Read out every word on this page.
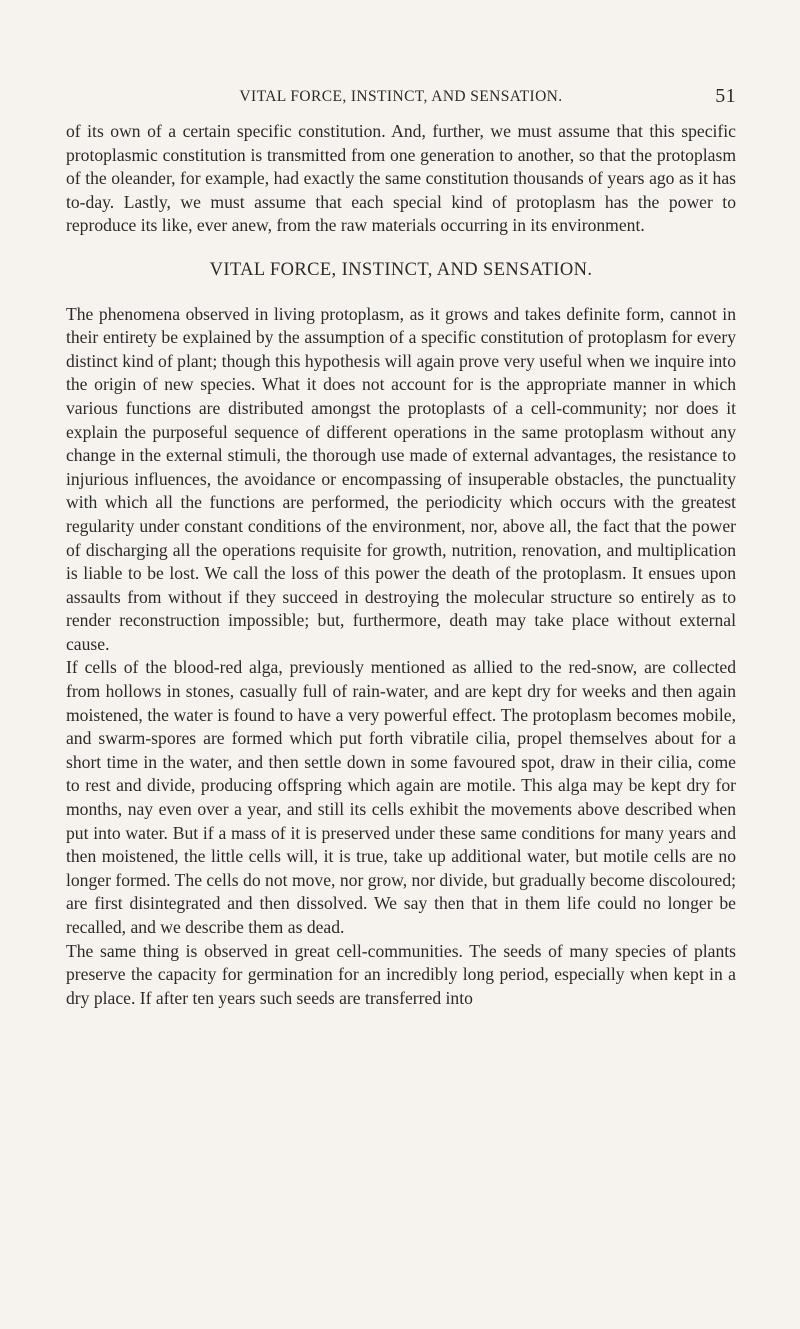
VITAL FORCE, INSTINCT, AND SENSATION.	51

of its own of a certain specific constitution. And, further, we must assume that this specific protoplasmic constitution is transmitted from one generation to another, so that the protoplasm of the oleander, for example, had exactly the same constitution thousands of years ago as it has to-day. Lastly, we must assume that each special kind of protoplasm has the power to reproduce its like, ever anew, from the raw materials occurring in its environment.

VITAL FORCE, INSTINCT, AND SENSATION.

The phenomena observed in living protoplasm, as it grows and takes definite form, cannot in their entirety be explained by the assumption of a specific constitution of protoplasm for every distinct kind of plant; though this hypothesis will again prove very useful when we inquire into the origin of new species. What it does not account for is the appropriate manner in which various functions are distributed amongst the protoplasts of a cell-community; nor does it explain the purposeful sequence of different operations in the same protoplasm without any change in the external stimuli, the thorough use made of external advantages, the resistance to injurious influences, the avoidance or encompassing of insuperable obstacles, the punctuality with which all the functions are performed, the periodicity which occurs with the greatest regularity under constant conditions of the environment, nor, above all, the fact that the power of discharging all the operations requisite for growth, nutrition, renovation, and multiplication is liable to be lost. We call the loss of this power the death of the protoplasm. It ensues upon assaults from without if they succeed in destroying the molecular structure so entirely as to render reconstruction impossible; but, furthermore, death may take place without external cause.

If cells of the blood-red alga, previously mentioned as allied to the red-snow, are collected from hollows in stones, casually full of rain-water, and are kept dry for weeks and then again moistened, the water is found to have a very powerful effect. The protoplasm becomes mobile, and swarm-spores are formed which put forth vibratile cilia, propel themselves about for a short time in the water, and then settle down in some favoured spot, draw in their cilia, come to rest and divide, producing offspring which again are motile. This alga may be kept dry for months, nay even over a year, and still its cells exhibit the movements above described when put into water. But if a mass of it is preserved under these same conditions for many years and then moistened, the little cells will, it is true, take up additional water, but motile cells are no longer formed. The cells do not move, nor grow, nor divide, but gradually become discoloured; are first disintegrated and then dissolved. We say then that in them life could no longer be recalled, and we describe them as dead.

The same thing is observed in great cell-communities. The seeds of many species of plants preserve the capacity for germination for an incredibly long period, especially when kept in a dry place. If after ten years such seeds are transferred into
